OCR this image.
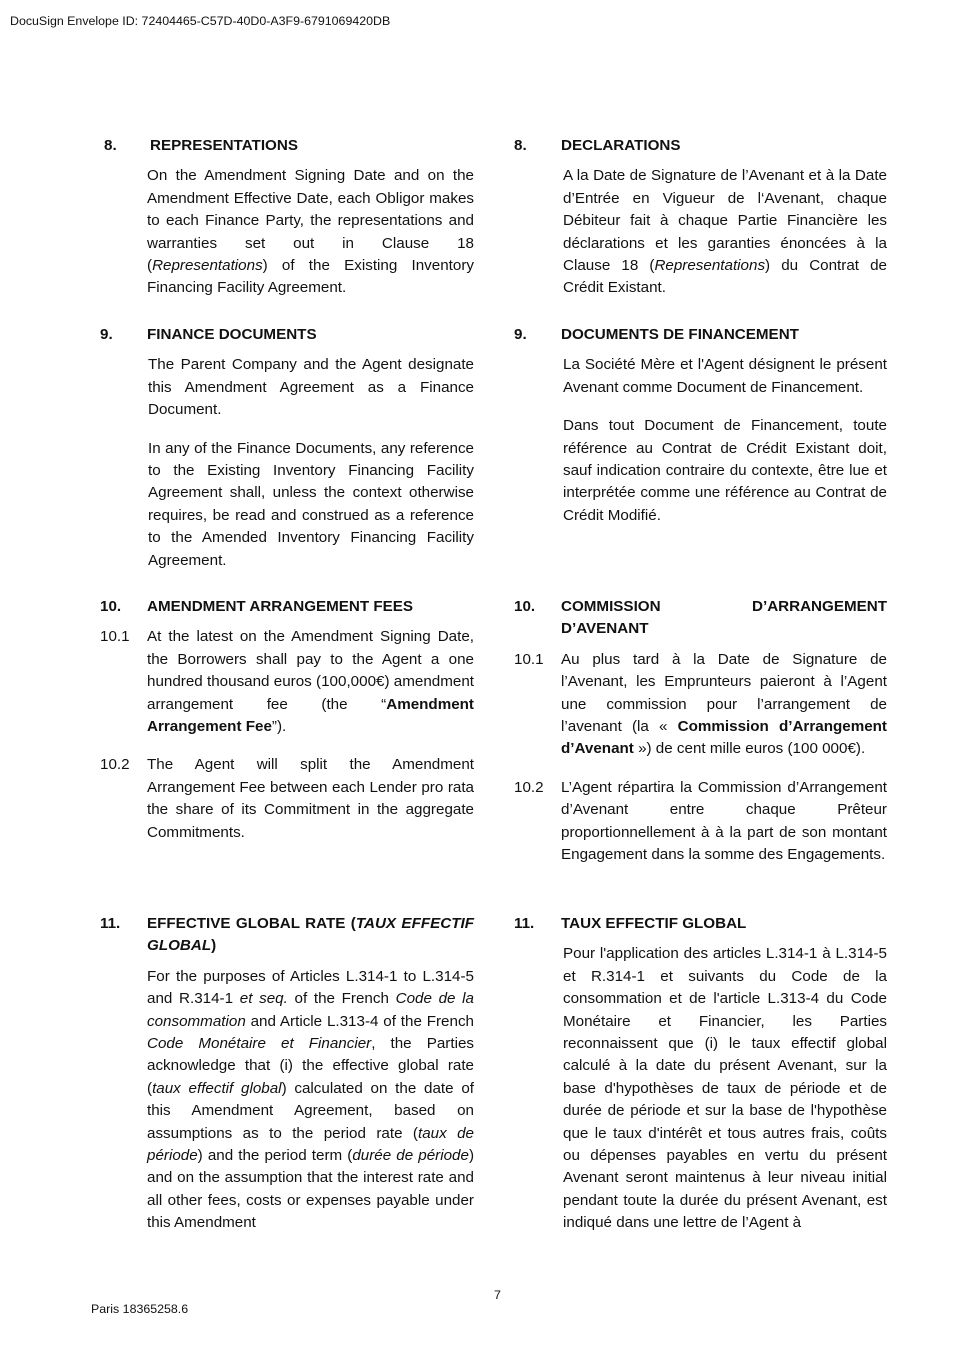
DocuSign Envelope ID: 72404465-C57D-40D0-A3F9-6791069420DB
8. REPRESENTATIONS
On the Amendment Signing Date and on the Amendment Effective Date, each Obligor makes to each Finance Party, the representations and warranties set out in Clause 18 (Representations) of the Existing Inventory Financing Facility Agreement.
9. FINANCE DOCUMENTS
The Parent Company and the Agent designate this Amendment Agreement as a Finance Document.
In any of the Finance Documents, any reference to the Existing Inventory Financing Facility Agreement shall, unless the context otherwise requires, be read and construed as a reference to the Amended Inventory Financing Facility Agreement.
10. AMENDMENT ARRANGEMENT FEES
10.1 At the latest on the Amendment Signing Date, the Borrowers shall pay to the Agent a one hundred thousand euros (100,000€) amendment arrangement fee (the “Amendment Arrangement Fee”).
10.2 The Agent will split the Amendment Arrangement Fee between each Lender pro rata the share of its Commitment in the aggregate Commitments.
11. EFFECTIVE GLOBAL RATE (TAUX EFFECTIF GLOBAL)
For the purposes of Articles L.314-1 to L.314-5 and R.314-1 et seq. of the French Code de la consommation and Article L.313-4 of the French Code Monétaire et Financier, the Parties acknowledge that (i) the effective global rate (taux effectif global) calculated on the date of this Amendment Agreement, based on assumptions as to the period rate (taux de période) and the period term (durée de période) and on the assumption that the interest rate and all other fees, costs or expenses payable under this Amendment
8. DECLARATIONS
A la Date de Signature de l’Avenant et à la Date d’Entrée en Vigueur de l‘Avenant, chaque Débiteur fait à chaque Partie Financière les déclarations et les garanties énoncées à la Clause 18 (Representations) du Contrat de Crédit Existant.
9. DOCUMENTS DE FINANCEMENT
La Société Mère et l'Agent désignent le présent Avenant comme Document de Financement.
Dans tout Document de Financement, toute référence au Contrat de Crédit Existant doit, sauf indication contraire du contexte, être lue et interprétée comme une référence au Contrat de Crédit Modifié.
10. COMMISSION D’ARRANGEMENT
D’AVENANT
10.1 Au plus tard à la Date de Signature de l’Avenant, les Emprunteurs paieront à l’Agent une commission pour l’arrangement de l’avenant (la « Commission d’Arrangement d’Avenant ») de cent mille euros (100 000€).
10.2 L’Agent répartira la Commission d’Arrangement d’Avenant entre chaque Prêteur proportionnellement à à la part de son montant Engagement dans la somme des Engagements.
11. TAUX EFFECTIF GLOBAL
Pour l'application des articles L.314-1 à L.314-5 et R.314-1 et suivants du Code de la consommation et de l'article L.313-4 du Code Monétaire et Financier, les Parties reconnaissent que (i) le taux effectif global calculé à la date du présent Avenant, sur la base d'hypothèses de taux de période et de durée de période et sur la base de l'hypothèse que le taux d'intérêt et tous autres frais, coûts ou dépenses payables en vertu du présent Avenant seront maintenus à leur niveau initial pendant toute la durée du présent Avenant, est indiqué dans une lettre de l’Agent à
7
Paris 18365258.6
